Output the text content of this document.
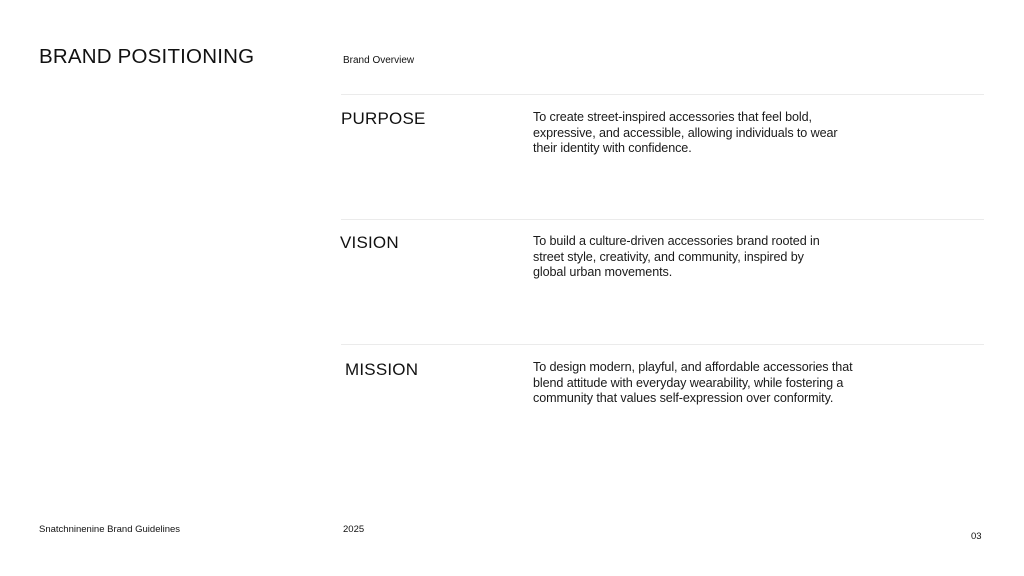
BRAND POSITIONING	Brand Overview
PURPOSE	To create street-inspired accessories that feel bold, expressive, and accessible, allowing individuals to wear their identity with confidence.
VISION	To build a culture-driven accessories brand rooted in street style, creativity, and community, inspired by global urban movements.
MISSION	To design modern, playful, and affordable accessories that blend attitude with everyday wearability, while fostering a community that values self-expression over conformity.
Snatchninenine Brand Guidelines	2025
03
